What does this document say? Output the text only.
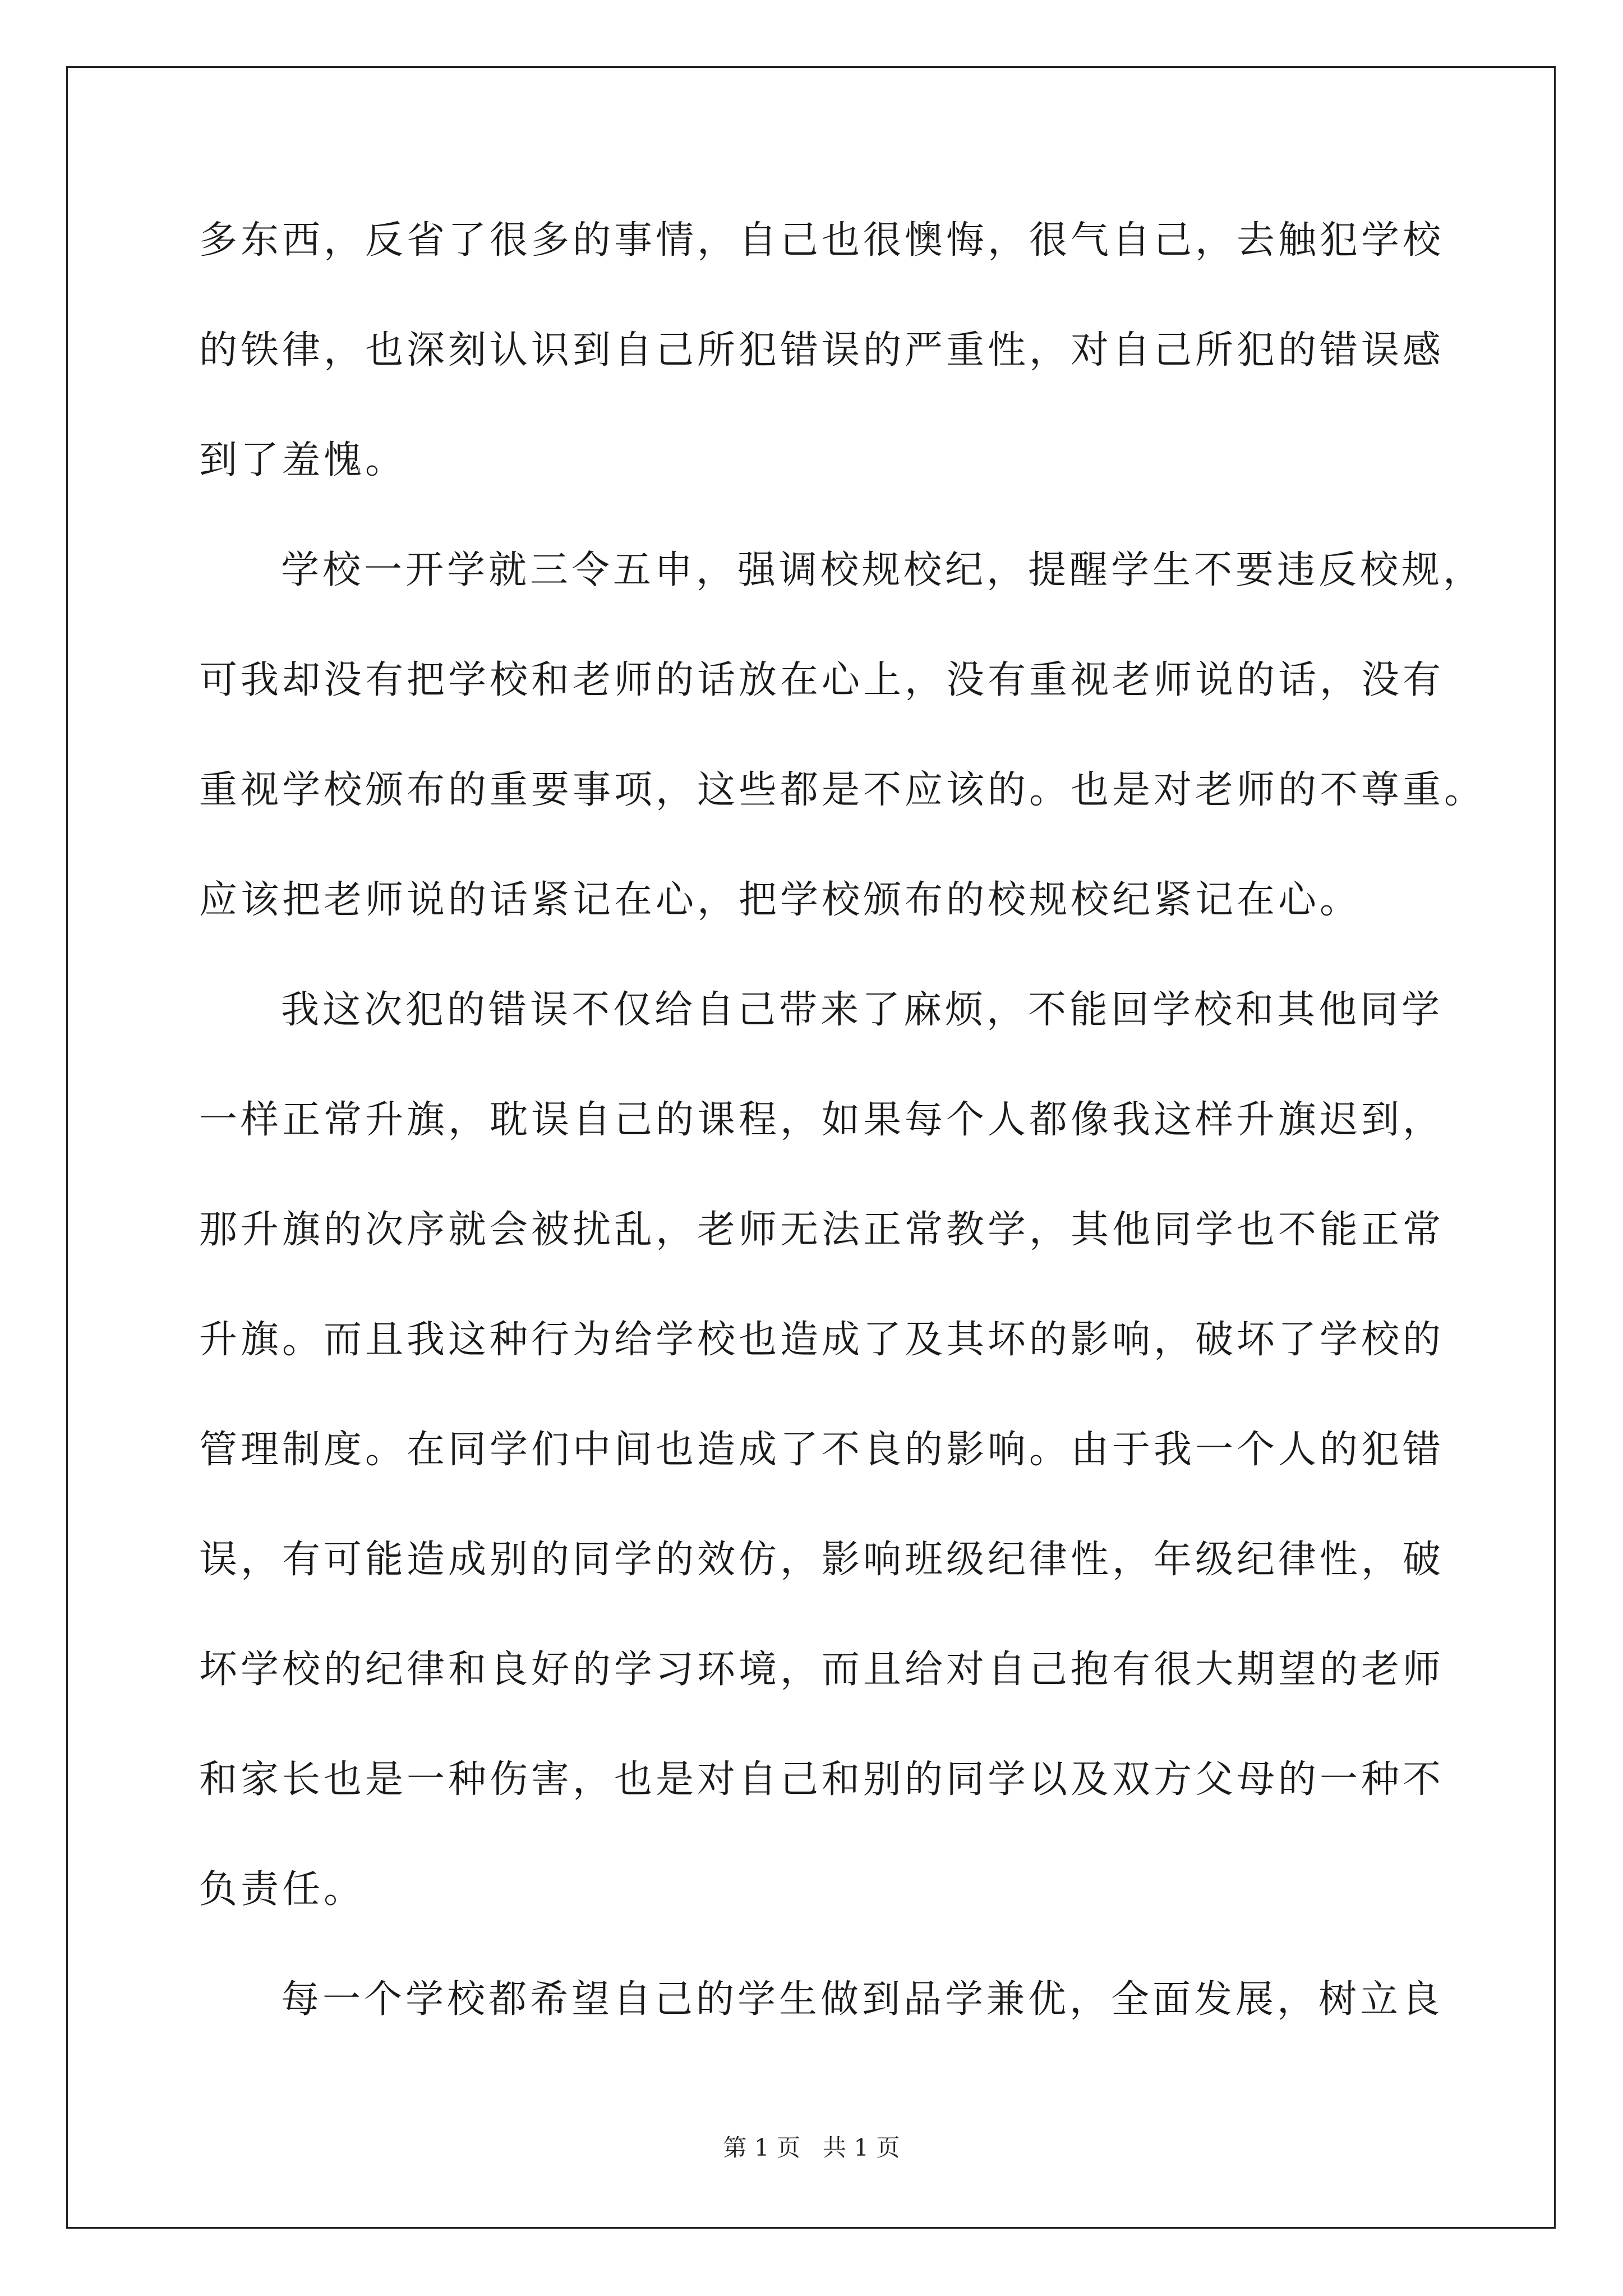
多东西，反省了很多的事情，自己也很懊悔，很气自己，去触犯学校
的铁律，也深刻认识到自己所犯错误的严重性，对自己所犯的错误感
到了羞愧。
学校一开学就三令五申，强调校规校纪，提醒学生不要违反校规，
可我却没有把学校和老师的话放在心上，没有重视老师说的话，没有
重视学校颁布的重要事项，这些都是不应该的。也是对老师的不尊重。
应该把老师说的话紧记在心，把学校颁布的校规校纪紧记在心。
我这次犯的错误不仅给自己带来了麻烦，不能回学校和其他同学
一样正常升旗，耽误自己的课程，如果每个人都像我这样升旗迟到，
那升旗的次序就会被扰乱，老师无法正常教学，其他同学也不能正常
升旗。而且我这种行为给学校也造成了及其坏的影响，破坏了学校的
管理制度。在同学们中间也造成了不良的影响。由于我一个人的犯错
误，有可能造成别的同学的效仿，影响班级纪律性，年级纪律性，破
坏学校的纪律和良好的学习环境，而且给对自己抱有很大期望的老师
和家长也是一种伤害，也是对自己和别的同学以及双方父母的一种不
负责任。
每一个学校都希望自己的学生做到品学兼优，全面发展，树立良
第 1 页   共 1 页
